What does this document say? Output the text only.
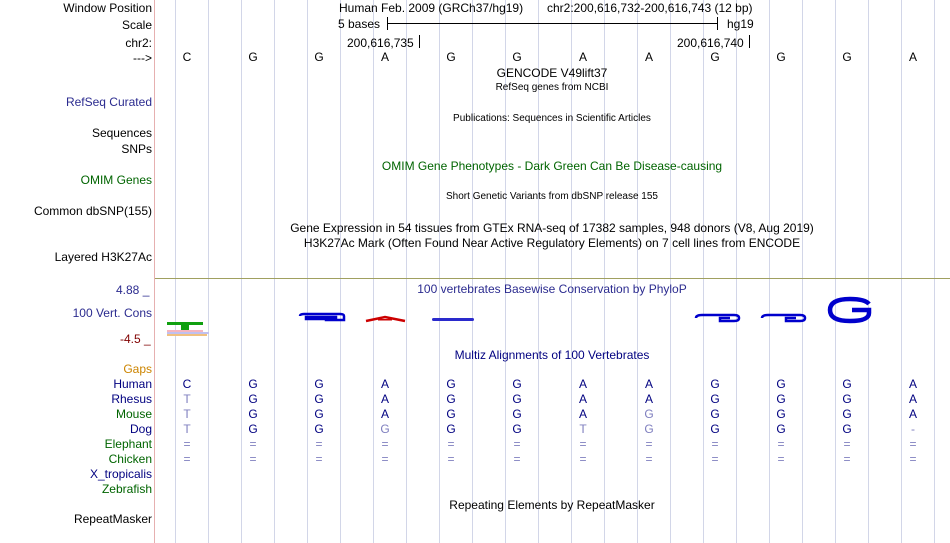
Window Position	Human Feb. 2009 (GRCh37/hg19) chr2:200,616,732-200,616,743 (12 bp)
Scale	5 bases	hg19
chr2:	200,616,735	200,616,740
--->	C	G	G	A	G	G	A	A	G	G	G	A
GENCODE V49lift37
RefSeq genes from NCBI
RefSeq Curated
Publications: Sequences in Scientific Articles
Sequences
SNPs
OMIM Gene Phenotypes - Dark Green Can Be Disease-causing
OMIM Genes
Short Genetic Variants from dbSNP release 155
Common dbSNP(155)
Gene Expression in 54 tissues from GTEx RNA-seq of 17382 samples, 948 donors (V8, Aug 2019)
H3K27Ac Mark (Often Found Near Active Regulatory Elements) on 7 cell lines from ENCODE
Layered H3K27Ac
4.88 _	100 vertebrates Basewise Conservation by PhyloP
100 Vert. Cons
-4.5 _
Multiz Alignments of 100 Vertebrates
Gaps
Human	C	G	G	A	G	G	A	A	G	G	G	A
Rhesus	T	G	G	A	G	G	A	A	G	G	G	A
Mouse	T	G	G	A	G	G	A	G	G	G	G	A
Dog	T	G	G	G	G	G	T	G	G	G	G	-
Elephant	=	=	=	=	=	=	=	=	=	=	=	=
Chicken	=	=	=	=	=	=	=	=	=	=	=	=
X_tropicalis
Zebrafish
Repeating Elements by RepeatMasker
RepeatMasker
